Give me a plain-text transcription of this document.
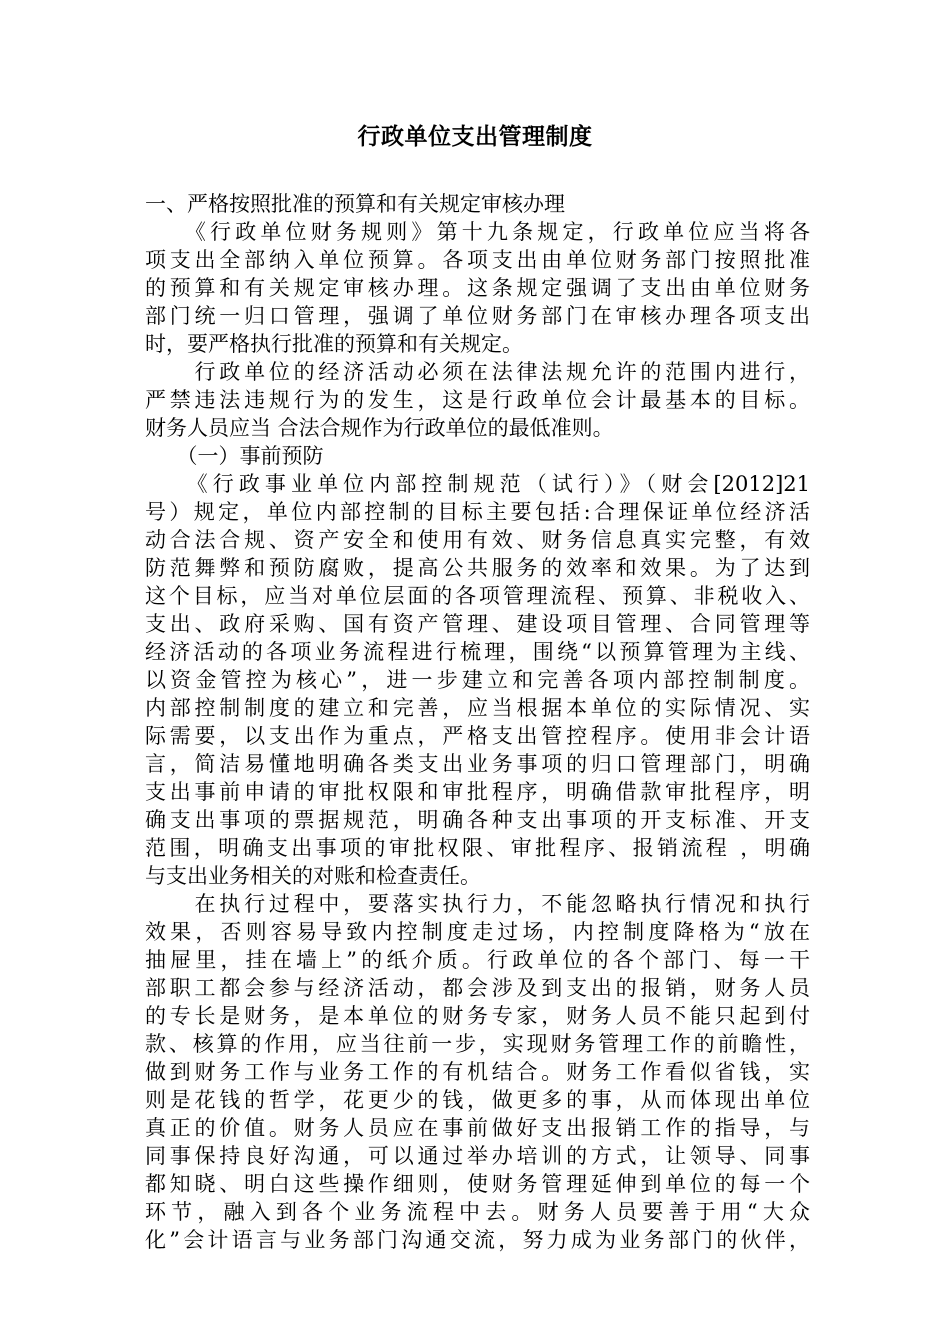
行政单位支出管理制度
一、严格按照批准的预算和有关规定审核办理
　　《行政单位财务规则》第十九条规定，行政单位应当将各
项支出全部纳入单位预算。各项支出由单位财务部门按照批准
的预算和有关规定审核办理。这条规定强调了支出由单位财务
部门统一归口管理，强调了单位财务部门在审核办理各项支出
时，要严格执行批准的预算和有关规定。
　　行政单位的经济活动必须在法律法规允许的范围内进行，
严禁违法违规行为的发生，这是行政单位会计最基本的目标。
财务人员应当 合法合规作为行政单位的最低准则。
　　（一）事前预防
　　《行政事业单位内部控制规范（试行）》（财会[2012]21
号）规定，单位内部控制的目标主要包括:合理保证单位经济活
动合法合规、资产安全和使用有效、财务信息真实完整，有效
防范舞弊和预防腐败，提高公共服务的效率和效果。为了达到
这个目标，应当对单位层面的各项管理流程、预算、非税收入、
支出、政府采购、国有资产管理、建设项目管理、合同管理等
经济活动的各项业务流程进行梳理，围绕“以预算管理为主线、
以资金管控为核心”，进一步建立和完善各项内部控制制度。
内部控制制度的建立和完善，应当根据本单位的实际情况、实
际需要，以支出作为重点，严格支出管控程序。使用非会计语
言，简洁易懂地明确各类支出业务事项的归口管理部门，明确
支出事前申请的审批权限和审批程序，明确借款审批程序，明
确支出事项的票据规范，明确各种支出事项的开支标准、开支
范围，明确支出事项的审批权限、审批程序、报销流程 ，明确
与支出业务相关的对账和检查责任。
　　在执行过程中，要落实执行力，不能忽略执行情况和执行
效果，否则容易导致内控制度走过场，内控制度降格为“放在
抽屉里，挂在墙上”的纸介质。行政单位的各个部门、每一干
部职工都会参与经济活动，都会涉及到支出的报销，财务人员
的专长是财务，是本单位的财务专家，财务人员不能只起到付
款、核算的作用，应当往前一步，实现财务管理工作的前瞻性，
做到财务工作与业务工作的有机结合。财务工作看似省钱，实
则是花钱的哲学，花更少的钱，做更多的事，从而体现出单位
真正的价值。财务人员应在事前做好支出报销工作的指导，与
同事保持良好沟通，可以通过举办培训的方式，让领导、同事
都知晓、明白这些操作细则，使财务管理延伸到单位的每一个
环节，融入到各个业务流程中去。财务人员要善于用“大众
化”会计语言与业务部门沟通交流，努力成为业务部门的伙伴，
